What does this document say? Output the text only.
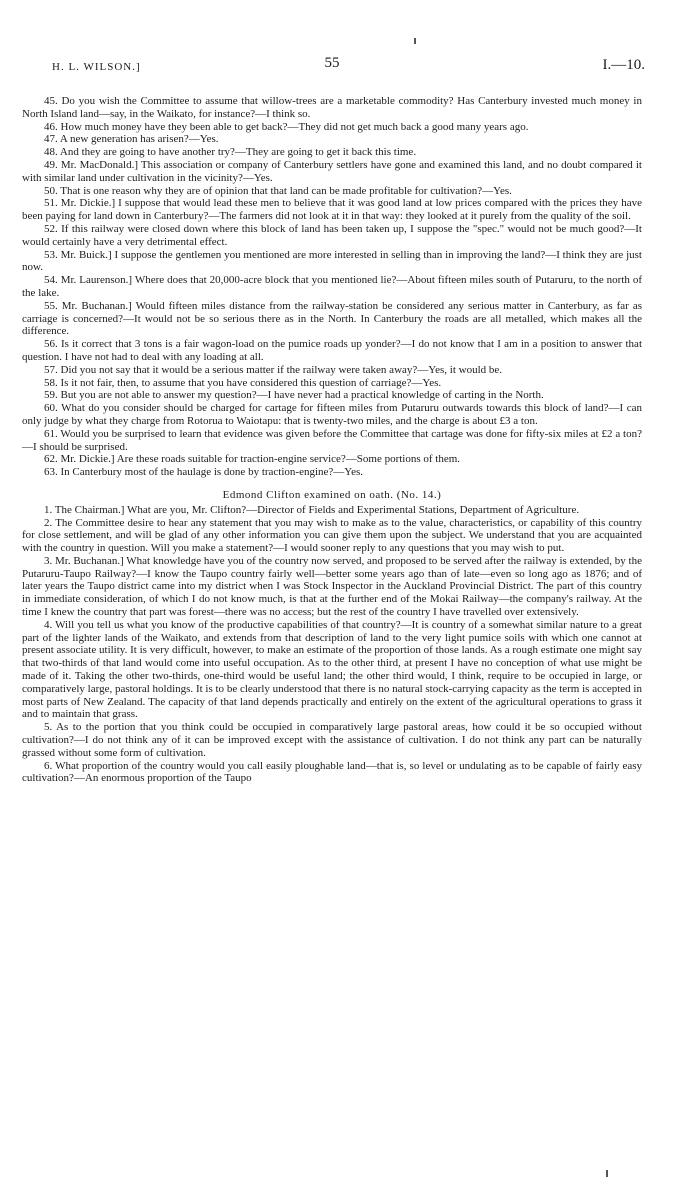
H. L. WILSON.]	55	I.—10.

45. Do you wish the Committee to assume that willow-trees are a marketable commodity? Has Canterbury invested much money in North Island land—say, in the Waikato, for instance?—I think so.

46. How much money have they been able to get back?—They did not get much back a good many years ago.

47. A new generation has arisen?—Yes.

48. And they are going to have another try?—They are going to get it back this time.

49. Mr. MacDonald.] This association or company of Canterbury settlers have gone and examined this land, and no doubt compared it with similar land under cultivation in the vicinity?—Yes.

50. That is one reason why they are of opinion that that land can be made profitable for cultivation?—Yes.

51. Mr. Dickie.] I suppose that would lead these men to believe that it was good land at low prices compared with the prices they have been paying for land down in Canterbury?—The farmers did not look at it in that way: they looked at it purely from the quality of the soil.

52. If this railway were closed down where this block of land has been taken up, I suppose the "spec." would not be much good?—It would certainly have a very detrimental effect.

53. Mr. Buick.] I suppose the gentlemen you mentioned are more interested in selling than in improving the land?—I think they are just now.

54. Mr. Laurenson.] Where does that 20,000-acre block that you mentioned lie?—About fifteen miles south of Putaruru, to the north of the lake.

55. Mr. Buchanan.] Would fifteen miles distance from the railway-station be considered any serious matter in Canterbury, as far as carriage is concerned?—It would not be so serious there as in the North. In Canterbury the roads are all metalled, which makes all the difference.

56. Is it correct that 3 tons is a fair wagon-load on the pumice roads up yonder?—I do not know that I am in a position to answer that question. I have not had to deal with any loading at all.

57. Did you not say that it would be a serious matter if the railway were taken away?—Yes, it would be.

58. Is it not fair, then, to assume that you have considered this question of carriage?—Yes.

59. But you are not able to answer my question?—I have never had a practical knowledge of carting in the North.

60. What do you consider should be charged for cartage for fifteen miles from Putaruru outwards towards this block of land?—I can only judge by what they charge from Rotorua to Waiotapu: that is twenty-two miles, and the charge is about £3 a ton.

61. Would you be surprised to learn that evidence was given before the Committee that cartage was done for fifty-six miles at £2 a ton?—I should be surprised.

62. Mr. Dickie.] Are these roads suitable for traction-engine service?—Some portions of them.

63. In Canterbury most of the haulage is done by traction-engine?—Yes.

Edmond Clifton examined on oath. (No. 14.)

1. The Chairman.] What are you, Mr. Clifton?—Director of Fields and Experimental Stations, Department of Agriculture.

2. The Committee desire to hear any statement that you may wish to make as to the value, characteristics, or capability of this country for close settlement, and will be glad of any other information you can give them upon the subject. We understand that you are acquainted with the country in question. Will you make a statement?—I would sooner reply to any questions that you may wish to put.

3. Mr. Buchanan.] What knowledge have you of the country now served, and proposed to be served after the railway is extended, by the Putaruru-Taupo Railway?—I know the Taupo country fairly well—better some years ago than of late—even so long ago as 1876; and of later years the Taupo district came into my district when I was Stock Inspector in the Auckland Provincial District. The part of this country in immediate consideration, of which I do not know much, is that at the further end of the Mokai Railway—the company's railway. At the time I knew the country that part was forest—there was no access; but the rest of the country I have travelled over extensively.

4. Will you tell us what you know of the productive capabilities of that country?—It is country of a somewhat similar nature to a great part of the lighter lands of the Waikato, and extends from that description of land to the very light pumice soils with which one cannot at present associate utility. It is very difficult, however, to make an estimate of the proportion of those lands. As a rough estimate one might say that two-thirds of that land would come into useful occupation. As to the other third, at present I have no conception of what use might be made of it. Taking the other two-thirds, one-third would be useful land; the other third would, I think, require to be occupied in large, or comparatively large, pastoral holdings. It is to be clearly understood that there is no natural stock-carrying capacity as the term is accepted in most parts of New Zealand. The capacity of that land depends practically and entirely on the extent of the agricultural operations to grass it and to maintain that grass.

5. As to the portion that you think could be occupied in comparatively large pastoral areas, how could it be so occupied without cultivation?—I do not think any of it can be improved except with the assistance of cultivation. I do not think any part can be naturally grassed without some form of cultivation.

6. What proportion of the country would you call easily ploughable land—that is, so level or undulating as to be capable of fairly easy cultivation?—An enormous proportion of the Taupo
